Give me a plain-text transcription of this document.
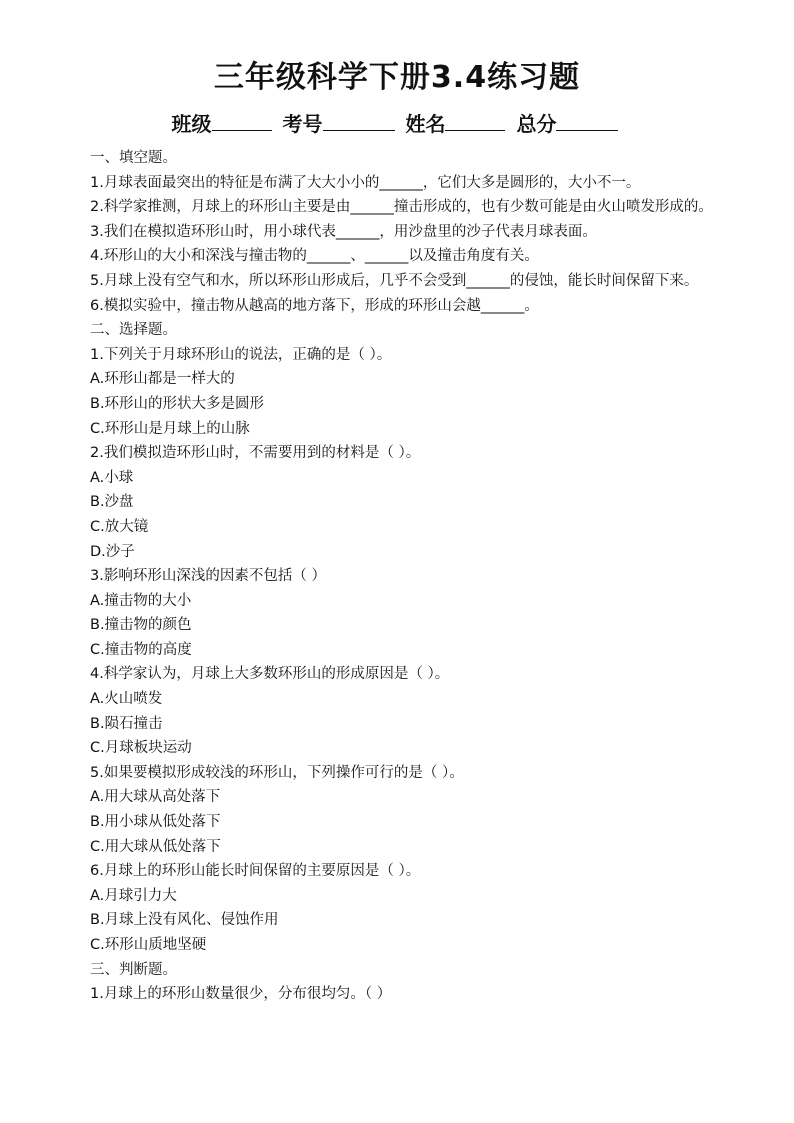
三年级科学下册3.4练习题
班级	考号	姓名	总分

一、填空题。

1.月球表面最突出的特征是布满了大大小小的______，它们大多是圆形的，大小不一。

2.科学家推测，月球上的环形山主要是由______撞击形成的，也有少数可能是由火山喷发形成的。

3.我们在模拟造环形山时，用小球代表______，用沙盘里的沙子代表月球表面。

4.环形山的大小和深浅与撞击物的______、______以及撞击角度有关。

5.月球上没有空气和水，所以环形山形成后，几乎不会受到______的侵蚀，能长时间保留下来。

6.模拟实验中，撞击物从越高的地方落下，形成的环形山会越______。

二、选择题。

1.下列关于月球环形山的说法，正确的是（ ）。

A.环形山都是一样大的

B.环形山的形状大多是圆形

C.环形山是月球上的山脉

2.我们模拟造环形山时，不需要用到的材料是（ ）。

A.小球

B.沙盘

C.放大镜

D.沙子

3.影响环形山深浅的因素不包括（ ）

A.撞击物的大小

B.撞击物的颜色

C.撞击物的高度

4.科学家认为，月球上大多数环形山的形成原因是（ ）。

A.火山喷发

B.陨石撞击

C.月球板块运动

5.如果要模拟形成较浅的环形山，下列操作可行的是（ ）。

A.用大球从高处落下

B.用小球从低处落下

C.用大球从低处落下

6.月球上的环形山能长时间保留的主要原因是（ ）。

A.月球引力大

B.月球上没有风化、侵蚀作用

C.环形山质地坚硬

三、判断题。

1.月球上的环形山数量很少，分布很均匀。（ ）
